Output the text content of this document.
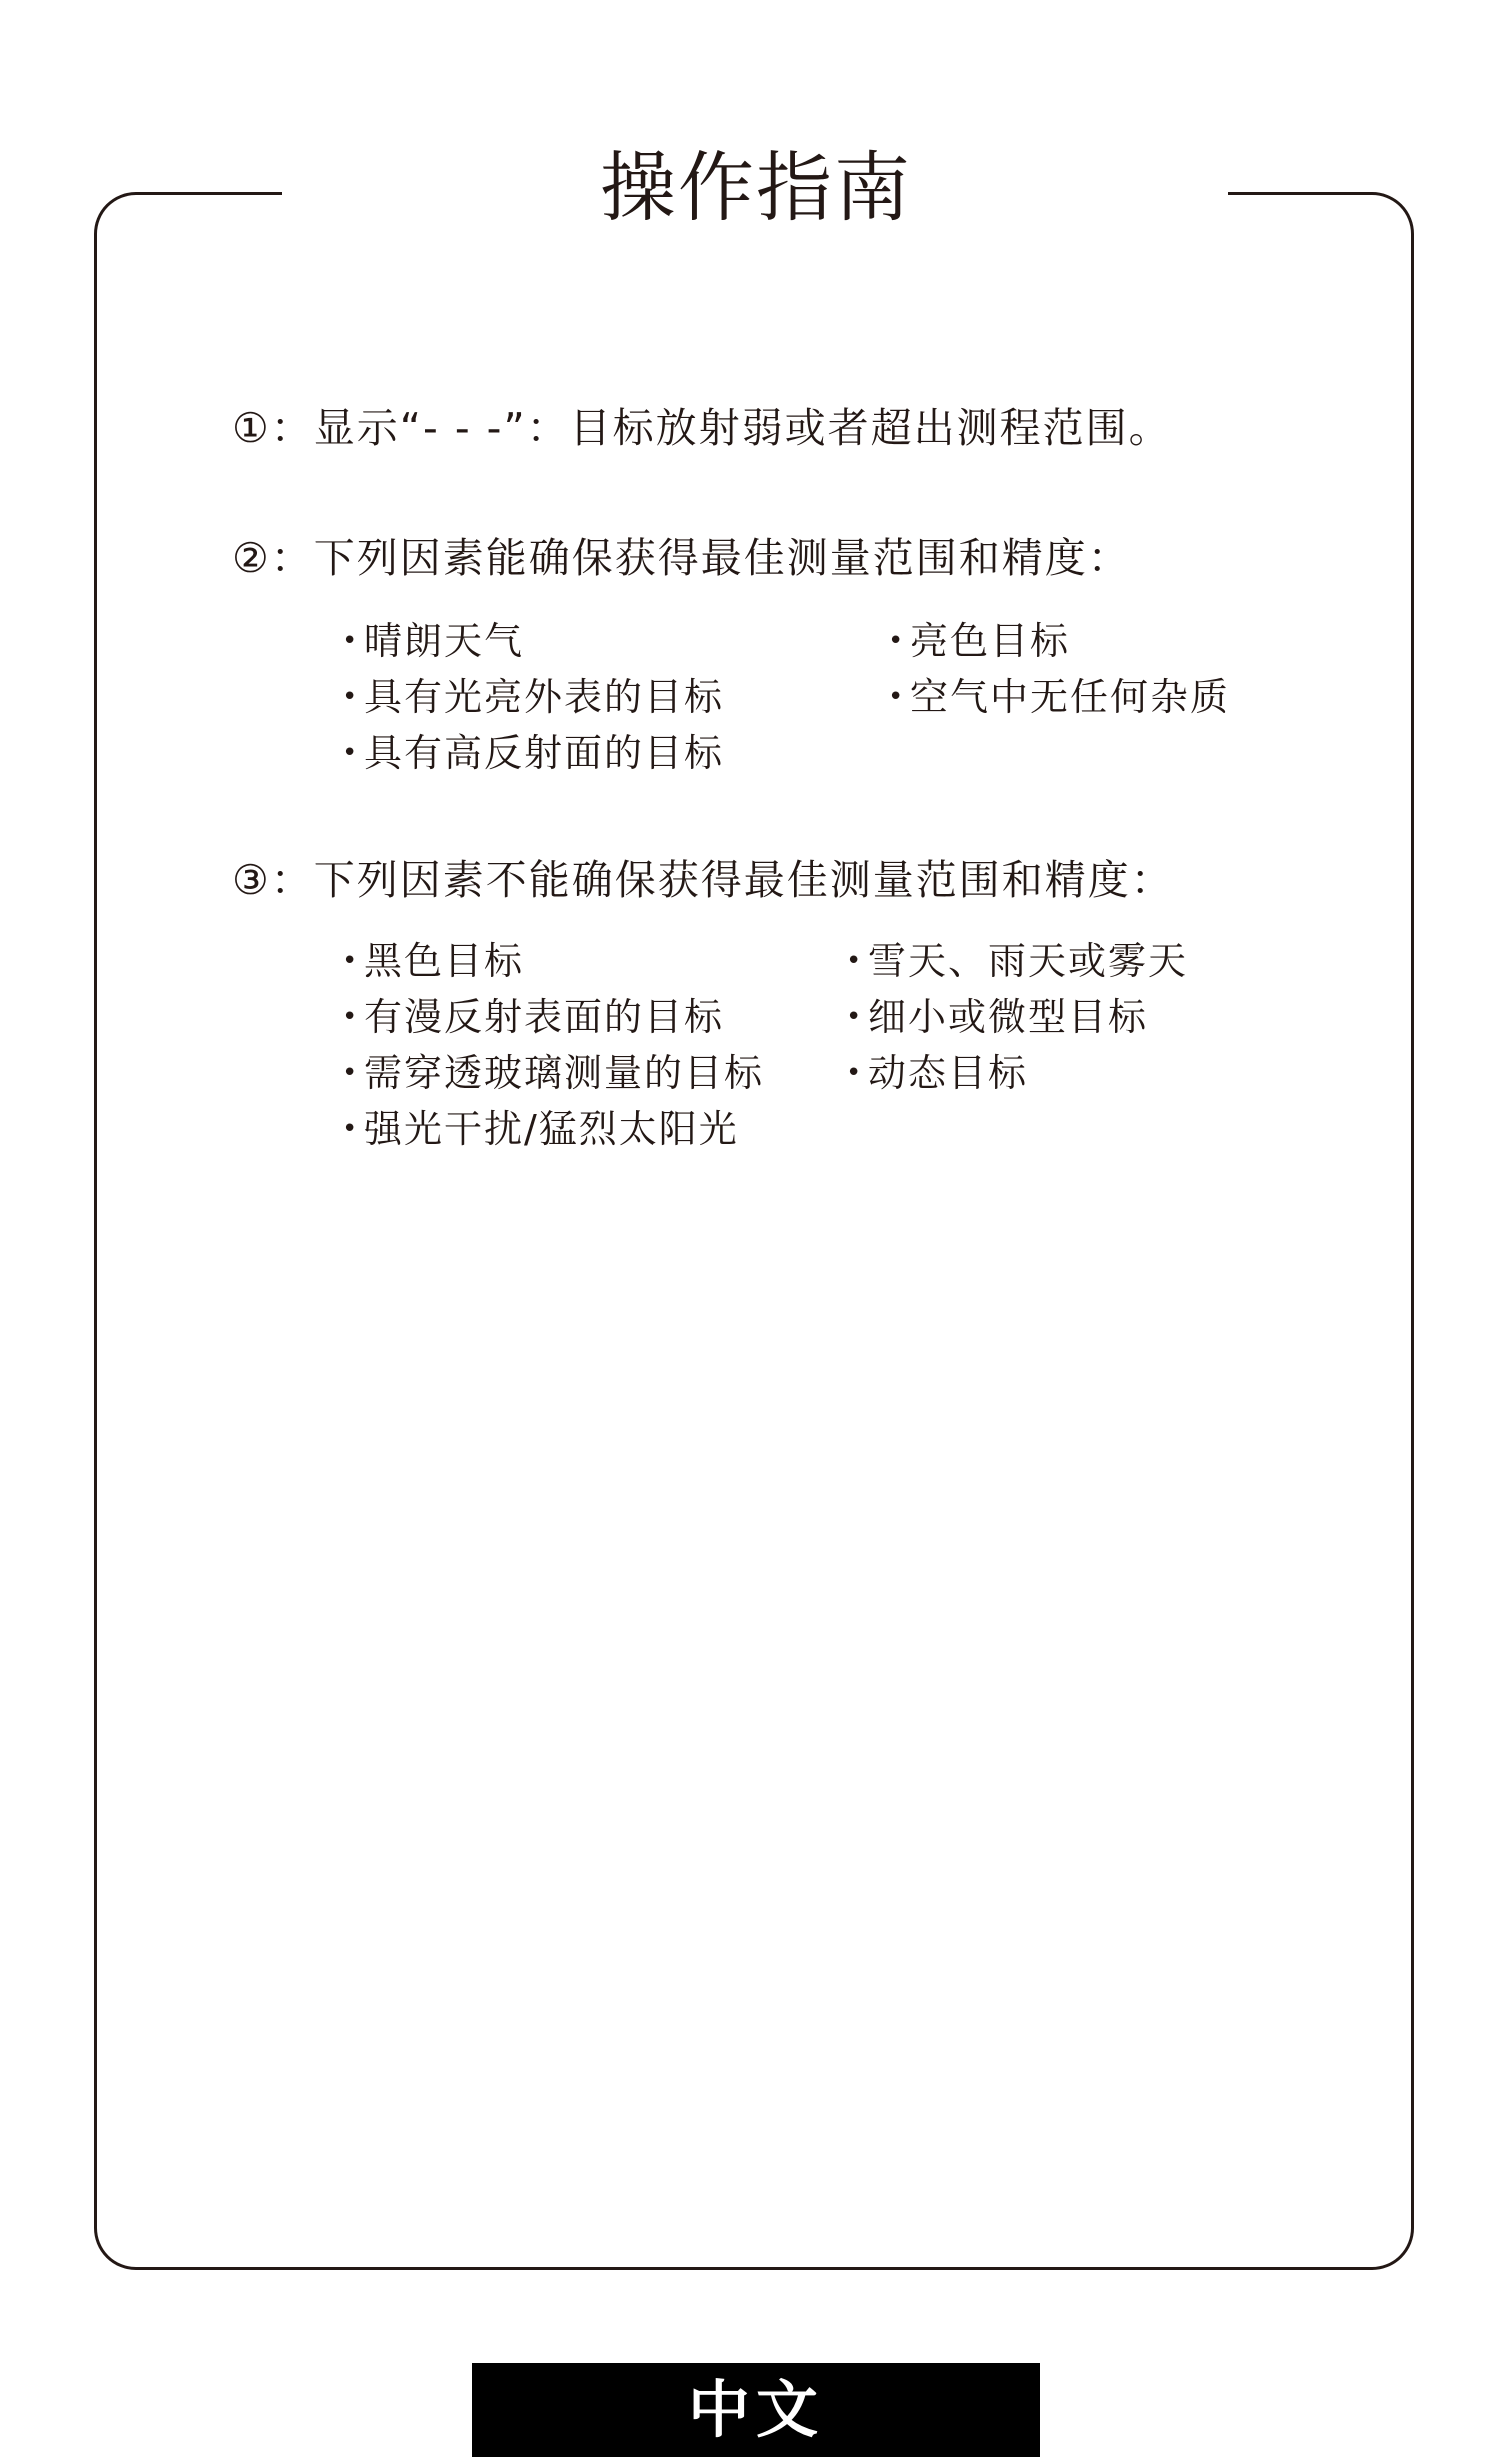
操作指南
①：显示“- - -”：目标放射弱或者超出测程范围。
②：下列因素能确保获得最佳测量范围和精度：
• 晴朗天气
• 具有光亮外表的目标
• 具有高反射面的目标
• 亮色目标
• 空气中无任何杂质
③：下列因素不能确保获得最佳测量范围和精度：
• 黑色目标
• 有漫反射表面的目标
• 需穿透玻璃测量的目标
• 强光干扰/猛烈太阳光
• 雪天、雨天或雾天
• 细小或微型目标
• 动态目标
中文
